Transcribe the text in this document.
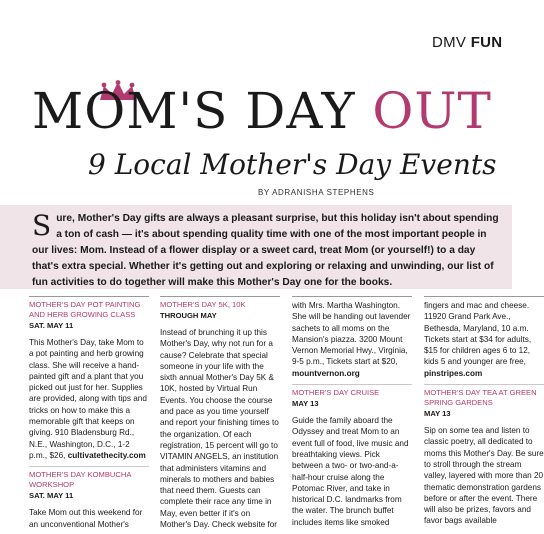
DMV FUN
MOM'S DAY OUT
9 Local Mother's Day Events
BY ADRANISHA STEPHENS
S ure, Mother's Day gifts are always a pleasant surprise, but this holiday isn't about spending
a ton of cash — it's about spending quality time with one of the most important people in
our lives: Mom. Instead of a flower display or a sweet card, treat Mom (or yourself!) to a day
that's extra special. Whether it's getting out and exploring or relaxing and unwinding, our list of
fun activities to do together will make this Mother's Day one for the books.
MOTHER'S DAY POT PAINTING AND HERB GROWING CLASS
SAT. MAY 11
This Mother's Day, take Mom to a pot painting and herb growing class. She will receive a hand-painted gift and a plant that you picked out just for her. Supplies are provided, along with tips and tricks on how to make this a memorable gift that keeps on giving. 910 Bladensburg Rd., N.E., Washington, D.C., 1-2 p.m., $26, cultivatethecity.com
MOTHER'S DAY KOMBUCHA WORKSHOP
SAT. MAY 11
Take Mom out this weekend for an unconventional Mother's
MOTHER'S DAY 5K, 10K
THROUGH MAY
Instead of brunching it up this Mother's Day, why not run for a cause? Celebrate that special someone in your life with the sixth annual Mother's Day 5K & 10K, hosted by Virtual Run Events. You choose the course and pace as you time yourself and report your finishing times to the organization. Of each registration, 15 percent will go to VITAMIN ANGELS, an institution that administers vitamins and minerals to mothers and babies that need them. Guests can complete their race any time in May, even better if it's on Mother's Day. Check website for
with Mrs. Martha Washington. She will be handing out lavender sachets to all moms on the Mansion's piazza. 3200 Mount Vernon Memorial Hwy., Virginia, 9-5 p.m., Tickets start at $20, mountvernon.org
MOTHER'S DAY CRUISE
MAY 13
Guide the family aboard the Odyssey and treat Mom to an event full of food, live music and breathtaking views. Pick between a two- or two-and-a-half-hour cruise along the Potomac River, and take in historical D.C. landmarks from the water. The brunch buffet includes items like smoked
fingers and mac and cheese. 11920 Grand Park Ave., Bethesda, Maryland, 10 a.m. Tickets start at $34 for adults, $15 for children ages 6 to 12, kids 5 and younger are free, pinstripes.com
MOTHER'S DAY TEA AT GREEN SPRING GARDENS
MAY 13
Sip on some tea and listen to classic poetry, all dedicated to moms this Mother's Day. Be sure to stroll through the stream valley, layered with more than 20 thematic demonstration gardens before or after the event. There will also be prizes, favors and favor bags available
